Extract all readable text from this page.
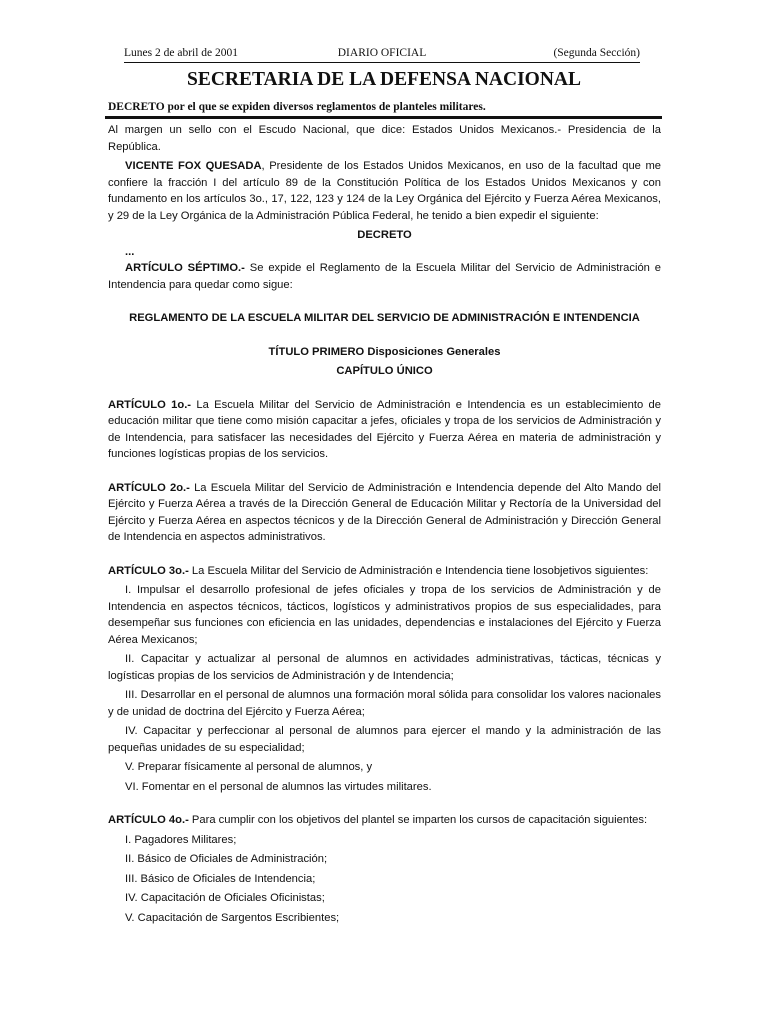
Lunes 2 de abril de 2001	DIARIO OFICIAL	(Segunda Sección)
SECRETARIA DE LA DEFENSA NACIONAL
DECRETO por el que se expiden diversos reglamentos de planteles militares.

Al margen un sello con el Escudo Nacional, que dice: Estados Unidos Mexicanos.- Presidencia de la República.

VICENTE FOX QUESADA, Presidente de los Estados Unidos Mexicanos, en uso de la facultad que me confiere la fracción I del artículo 89 de la Constitución Política de los Estados Unidos Mexicanos y con fundamento en los artículos 3o., 17, 122, 123 y 124 de la Ley Orgánica del Ejército y Fuerza Aérea Mexicanos, y 29 de la Ley Orgánica de la Administración Pública Federal, he tenido a bien expedir el siguiente:

DECRETO

...

ARTÍCULO SÉPTIMO.- Se expide el Reglamento de la Escuela Militar del Servicio de Administración e Intendencia para quedar como sigue:

REGLAMENTO DE LA ESCUELA MILITAR DEL SERVICIO DE ADMINISTRACIÓN E INTENDENCIA

TÍTULO PRIMERO Disposiciones Generales

CAPÍTULO ÚNICO

ARTÍCULO 1o.- La Escuela Militar del Servicio de Administración e Intendencia es un establecimiento de educación militar que tiene como misión capacitar a jefes, oficiales y tropa de los servicios de Administración y de Intendencia, para satisfacer las necesidades del Ejército y Fuerza Aérea en materia de administración y funciones logísticas propias de los servicios.

ARTÍCULO 2o.- La Escuela Militar del Servicio de Administración e Intendencia depende del Alto Mando del Ejército y Fuerza Aérea a través de la Dirección General de Educación Militar y Rectoría de la Universidad del Ejército y Fuerza Aérea en aspectos técnicos y de la Dirección General de Administración y Dirección General de Intendencia en aspectos administrativos.

ARTÍCULO 3o.- La Escuela Militar del Servicio de Administración e Intendencia tiene losobjetivos siguientes:

I. Impulsar el desarrollo profesional de jefes oficiales y tropa de los servicios de Administración y de Intendencia en aspectos técnicos, tácticos, logísticos y administrativos propios de sus especialidades, para desempeñar sus funciones con eficiencia en las unidades, dependencias e instalaciones del Ejército y Fuerza Aérea Mexicanos;

II. Capacitar y actualizar al personal de alumnos en actividades administrativas, tácticas, técnicas y logísticas propias de los servicios de Administración y de Intendencia;

III. Desarrollar en el personal de alumnos una formación moral sólida para consolidar los valores nacionales y de unidad de doctrina del Ejército y Fuerza Aérea;

IV. Capacitar y perfeccionar al personal de alumnos para ejercer el mando y la administración de las pequeñas unidades de su especialidad;

V. Preparar físicamente al personal de alumnos, y

VI. Fomentar en el personal de alumnos las virtudes militares.

ARTÍCULO 4o.- Para cumplir con los objetivos del plantel se imparten los cursos de capacitación siguientes:

I. Pagadores Militares;

II. Básico de Oficiales de Administración;

III. Básico de Oficiales de Intendencia;

IV. Capacitación de Oficiales Oficinistas;

V. Capacitación de Sargentos Escribientes;
